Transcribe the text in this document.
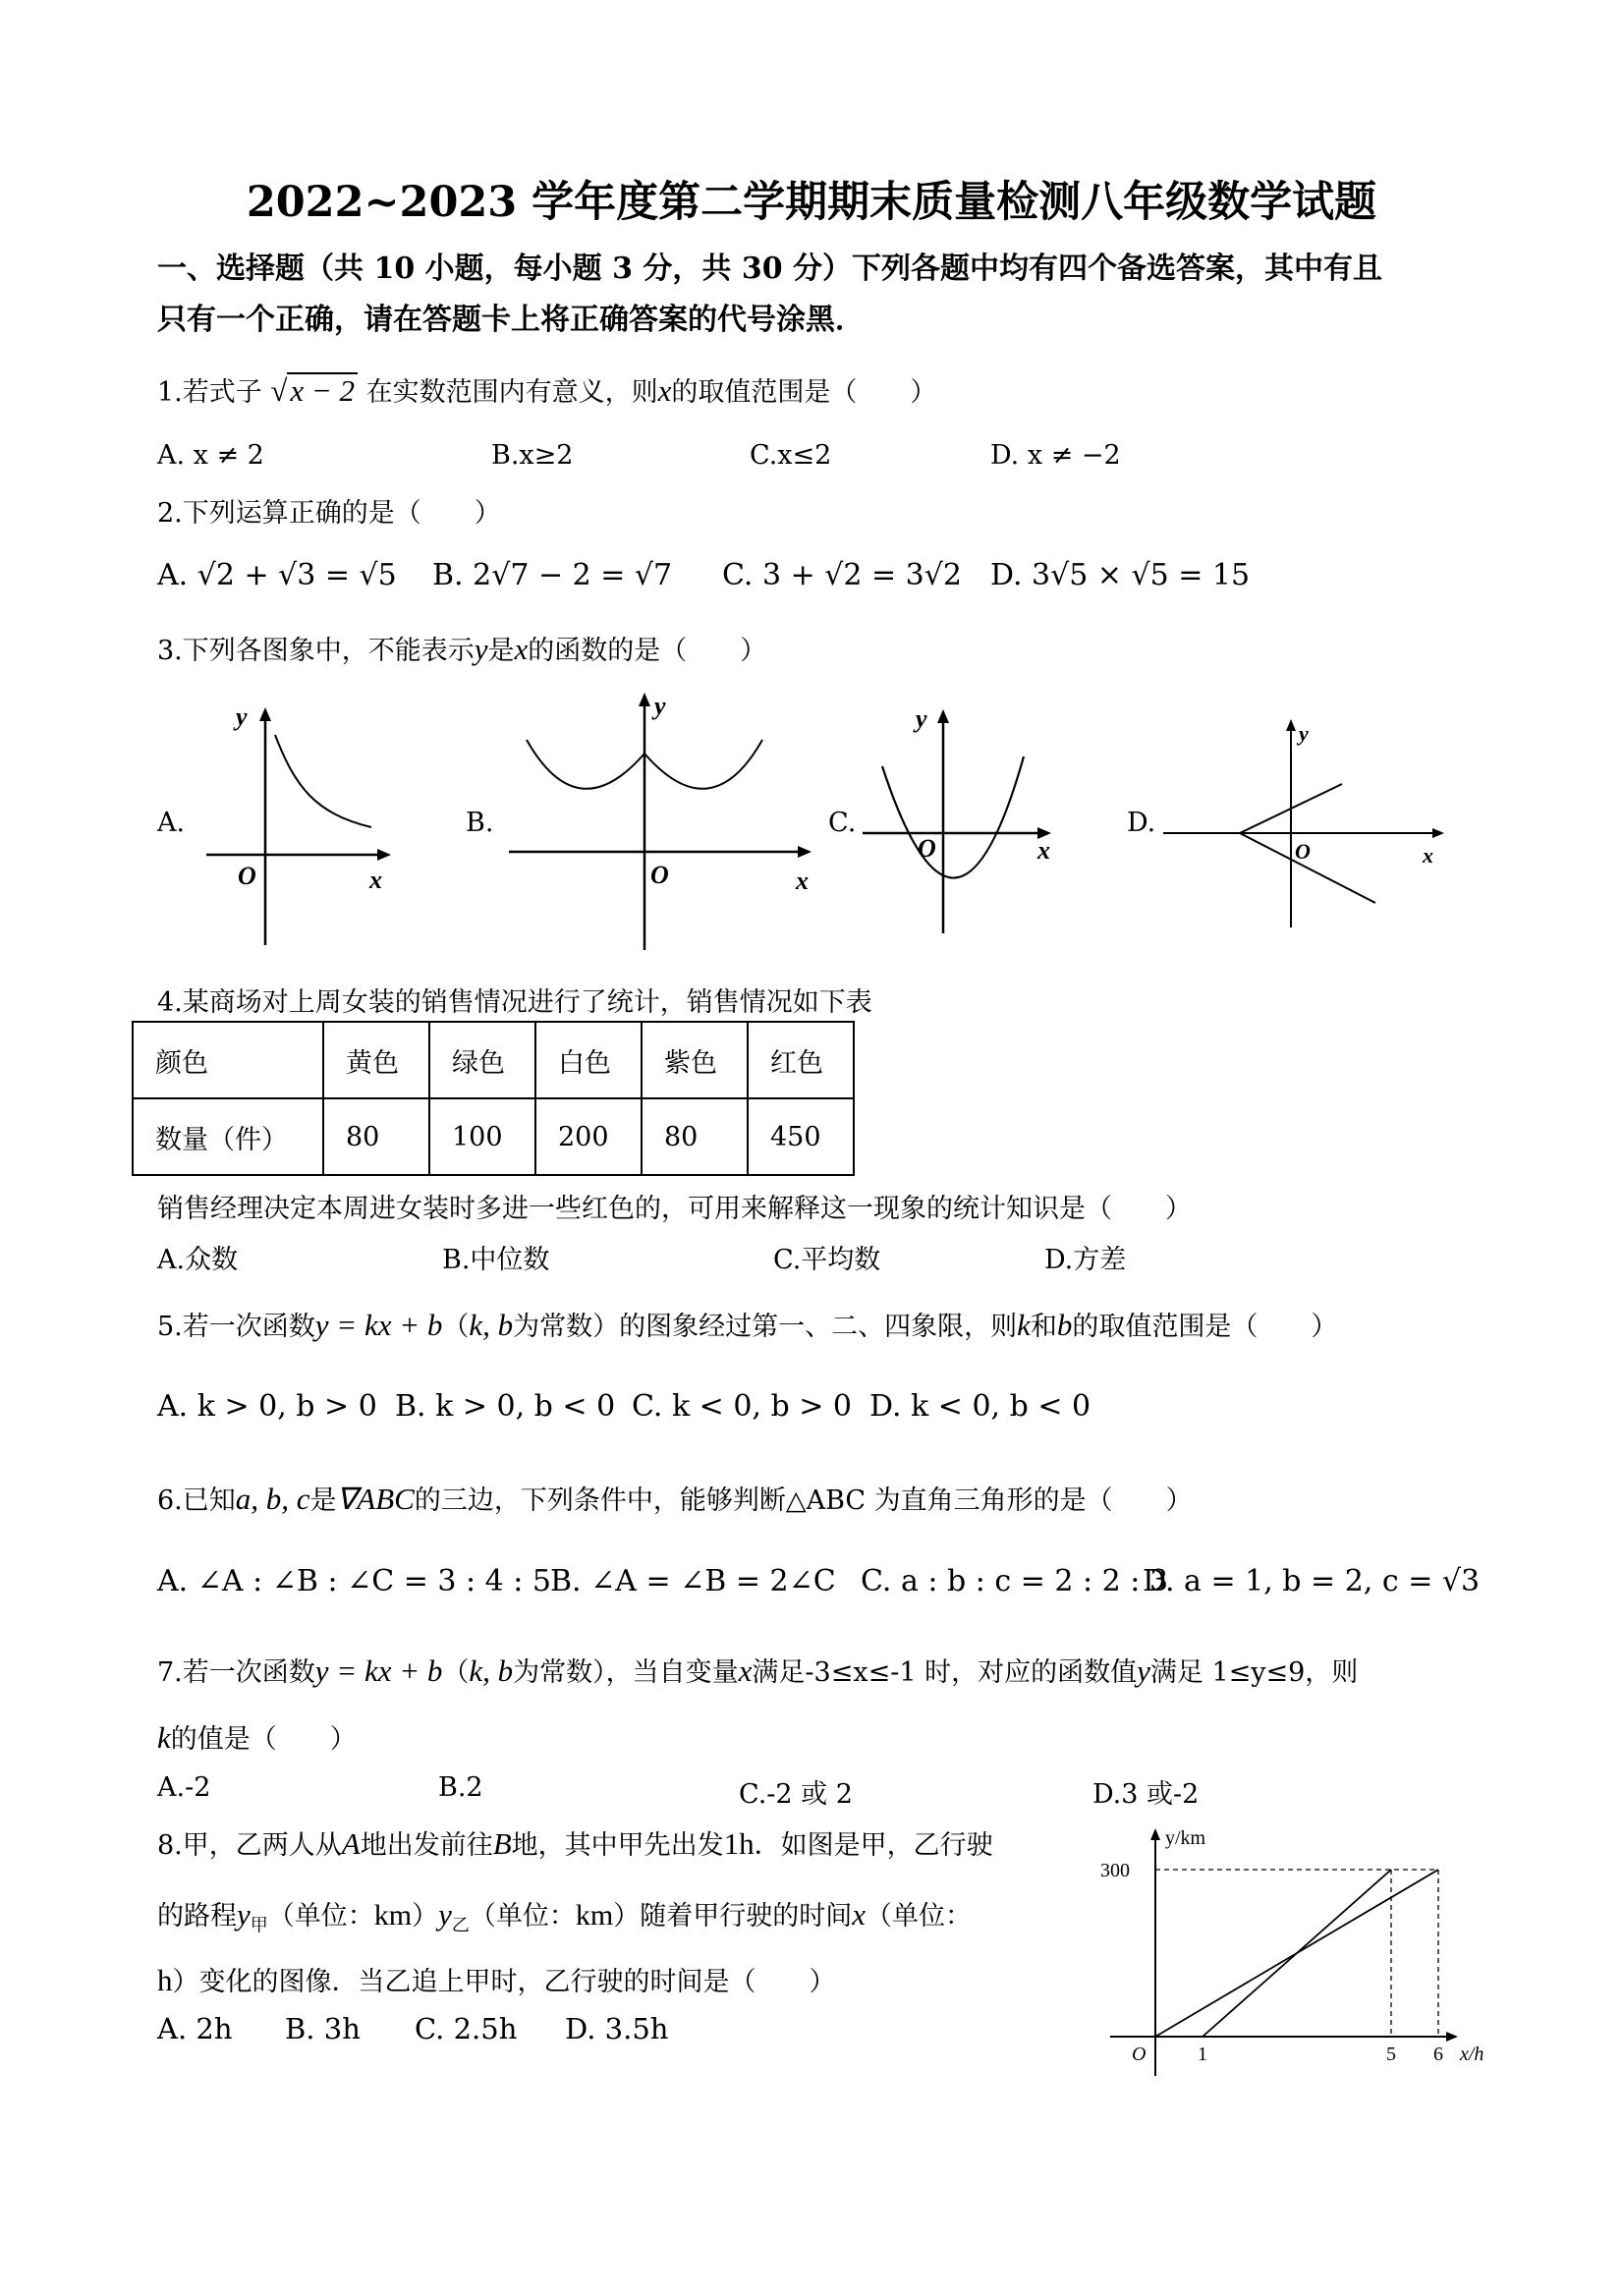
2022~2023 学年度第二学期期末质量检测八年级数学试题
一、选择题（共 10 小题，每小题 3 分，共 30 分）下列各题中均有四个备选答案，其中有且
只有一个正确，请在答题卡上将正确答案的代号涂黑．
1.若式子 √x − 2 在实数范围内有意义，则x的取值范围是（　　）
A. x ≠ 2	B.x≥2	C.x≤2	D. x ≠ −2
2.下列运算正确的是（　　）
A. √2 + √3 = √5 B. 2√7 − 2 = √7 C. 3 + √2 = 3√2 D. 3√5 × √5 = 15
3.下列各图象中，不能表示y是x的函数的是（　　）
A.
y
O	x
B.
y
O	x
C.
y
O	x
D.
y
O	x
4.某商场对上周女装的销售情况进行了统计，销售情况如下表
颜色	黄色	绿色	白色	紫色	红色
数量（件）	80	100	200	80	450
销售经理决定本周进女装时多进一些红色的，可用来解释这一现象的统计知识是（　　）
A.众数	B.中位数	C.平均数	D.方差
5.若一次函数y = kx + b（k, b为常数）的图象经过第一、二、四象限，则k和b的取值范围是（　　）
A. k > 0, b > 0 B. k > 0, b < 0 C. k < 0, b > 0 D. k < 0, b < 0
6.已知a, b, c是∇ABC的三边，下列条件中，能够判断△ABC 为直角三角形的是（　　）
A. ∠A : ∠B : ∠C = 3 : 4 : 5
B. ∠A = ∠B = 2∠C C. a : b : c = 2 : 2 : 3
D. a = 1, b = 2, c = √3
7.若一次函数y = kx + b（k, b为常数），当自变量x满足-3≤x≤-1 时，对应的函数值y满足 1≤y≤9，则
k的值是（　　）
A.-2	B.2	C.-2 或 2	D.3 或-2
8.甲，乙两人从A地出发前往B地，其中甲先出发1h．如图是甲，乙行驶
的路程$y_甲$（单位：$km)y_乙$（单位：km）随着甲行驶的时间x（单位：
h）变化的图像．当乙追上甲时，乙行驶的时间是（　　）
A. 2h B. 3h C. 2.5h D. 3.5h
y/km
300
O	1	5 6 x/h
